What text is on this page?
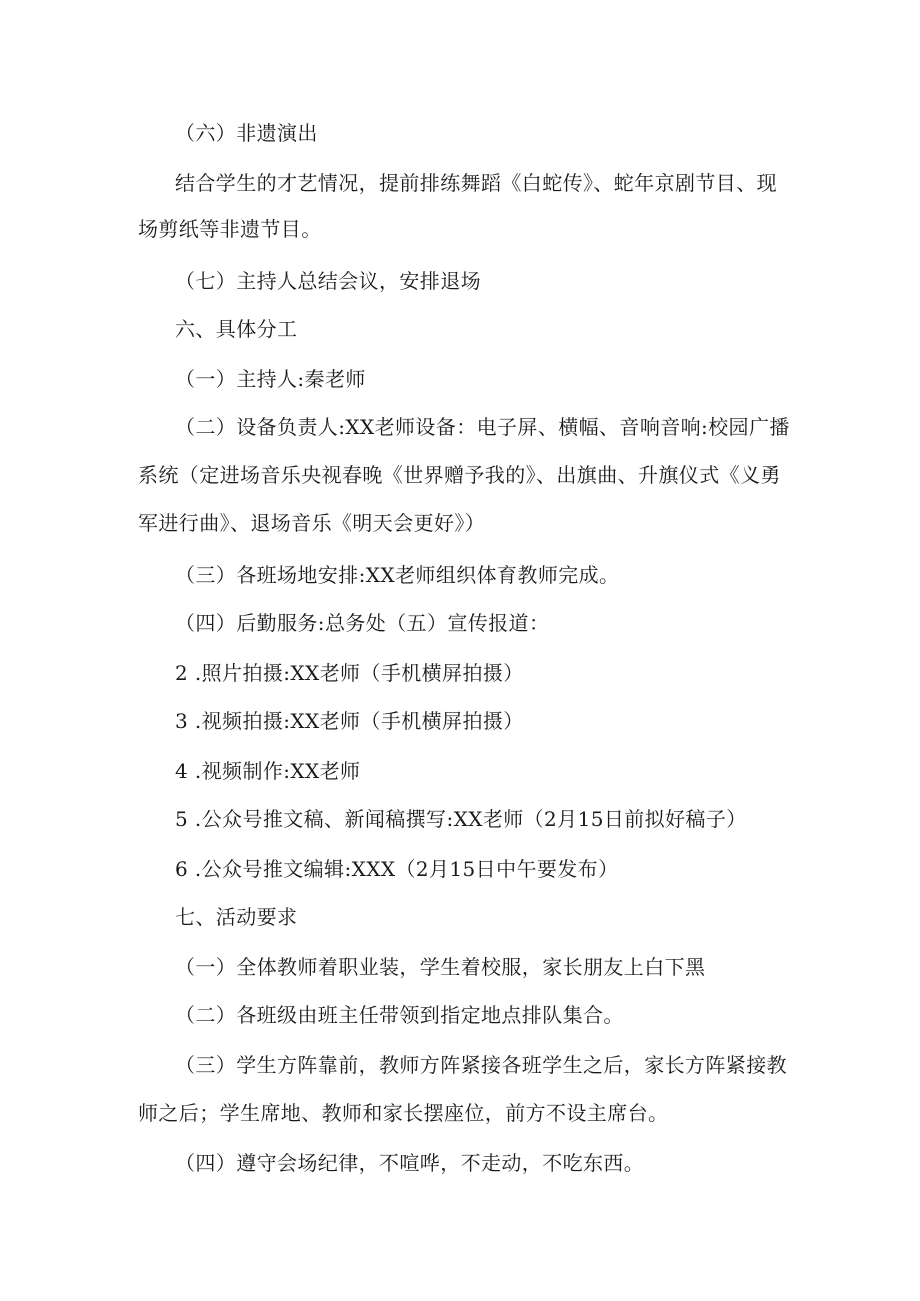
（六）非遗演出
结合学生的才艺情况，提前排练舞蹈《白蛇传》、蛇年京剧节目、现
场剪纸等非遗节目。
（七）主持人总结会议，安排退场
六、具体分工
（一）主持人:秦老师
（二）设备负责人:XX老师设备：电子屏、横幅、音响音响:校园广播
系统（定进场音乐央视春晚《世界赠予我的》、出旗曲、升旗仪式《义勇
军进行曲》、退场音乐《明天会更好》）
（三）各班场地安排:XX老师组织体育教师完成。
（四）后勤服务:总务处（五）宣传报道：
2 .照片拍摄:XX老师（手机横屏拍摄）
3 .视频拍摄:XX老师（手机横屏拍摄）
4 .视频制作:XX老师
5 .公众号推文稿、新闻稿撰写:XX老师（2月15日前拟好稿子）
6 .公众号推文编辑:XXX（2月15日中午要发布）
七、活动要求
（一）全体教师着职业装，学生着校服，家长朋友上白下黑
（二）各班级由班主任带领到指定地点排队集合。
（三）学生方阵靠前，教师方阵紧接各班学生之后，家长方阵紧接教
师之后；学生席地、教师和家长摆座位，前方不设主席台。
（四）遵守会场纪律，不喧哗，不走动，不吃东西。
